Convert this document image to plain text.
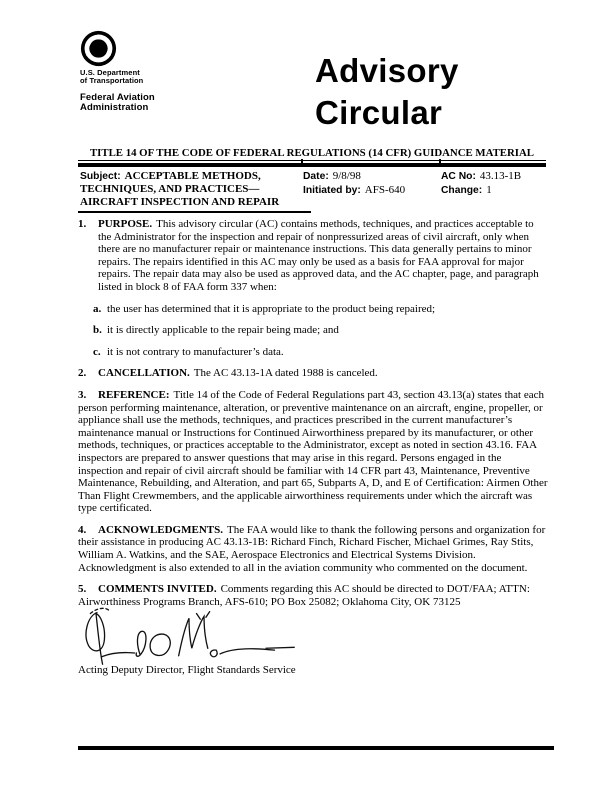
U.S. Department
of Transportation
Federal Aviation
Administration
Advisory
Circular
TITLE 14 OF THE CODE OF FEDERAL REGULATIONS (14 CFR) GUIDANCE MATERIAL
Subject: ACCEPTABLE METHODS, TECHNIQUES, AND PRACTICES—AIRCRAFT INSPECTION AND REPAIR
Date: 9/8/98
Initiated by: AFS-640
AC No: 43.13-1B
Change: 1

1. PURPOSE. This advisory circular (AC) contains methods, techniques, and practices acceptable to the Administrator for the inspection and repair of nonpressurized areas of civil aircraft, only when there are no manufacturer repair or maintenance instructions. This data generally pertains to minor repairs. The repairs identified in this AC may only be used as a basis for FAA approval for major repairs. The repair data may also be used as approved data, and the AC chapter, page, and paragraph listed in block 8 of FAA form 337 when:

a. the user has determined that it is appropriate to the product being repaired;

b. it is directly applicable to the repair being made; and

c. it is not contrary to manufacturer’s data.

2. CANCELLATION. The AC 43.13-1A dated 1988 is canceled.

3. REFERENCE: Title 14 of the Code of Federal Regulations part 43, section 43.13(a) states that each person performing maintenance, alteration, or preventive maintenance on an aircraft, engine, propeller, or appliance shall use the methods, techniques, and practices prescribed in the current manufacturer’s maintenance manual or Instructions for Continued Airworthiness prepared by its manufacturer, or other methods, techniques, or practices acceptable to the Administrator, except as noted in section 43.16. FAA inspectors are prepared to answer questions that may arise in this regard. Persons engaged in the inspection and repair of civil aircraft should be familiar with 14 CFR part 43, Maintenance, Preventive Maintenance, Rebuilding, and Alteration, and part 65, Subparts A, D, and E of Certification: Airmen Other Than Flight Crewmembers, and the applicable airworthiness requirements under which the aircraft was type certificated.

4. ACKNOWLEDGMENTS. The FAA would like to thank the following persons and organization for their assistance in producing AC 43.13-1B: Richard Finch, Richard Fischer, Michael Grimes, Ray Stits, William A. Watkins, and the SAE, Aerospace Electronics and Electrical Systems Division. Acknowledgment is also extended to all in the aviation community who commented on the document.

5. COMMENTS INVITED. Comments regarding this AC should be directed to DOT/FAA; ATTN: Airworthiness Programs Branch, AFS-610; PO Box 25082; Oklahoma City, OK 73125

Acting Deputy Director, Flight Standards Service
